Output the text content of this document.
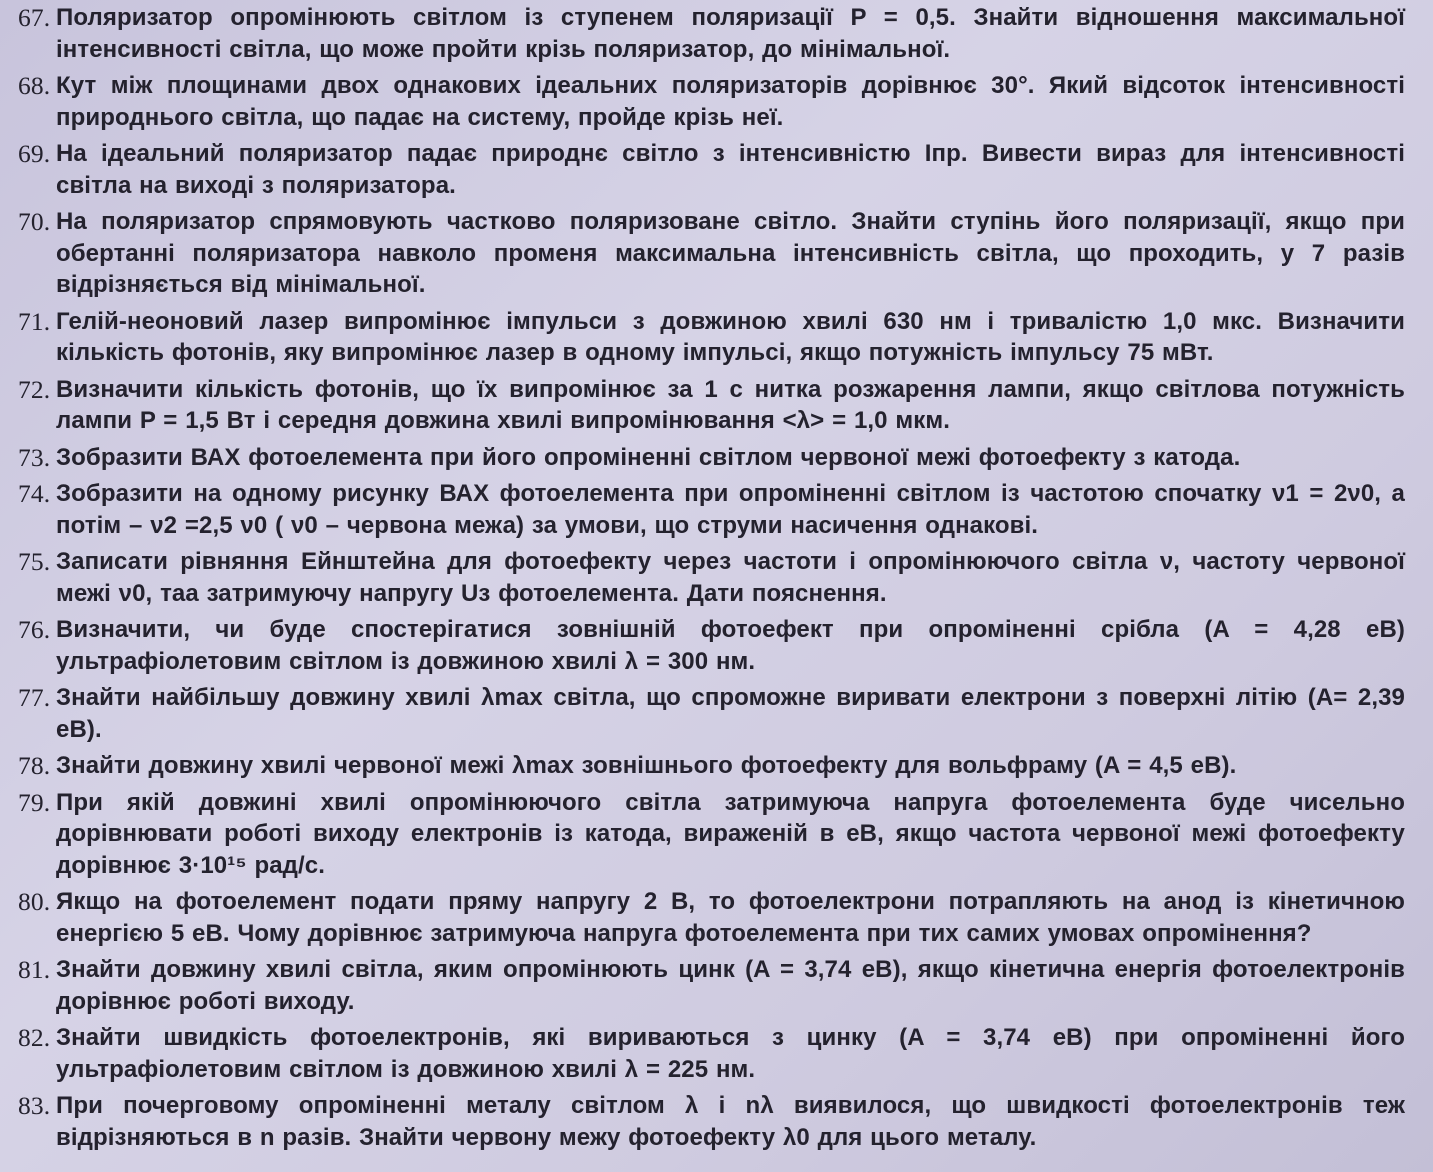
67. Поляризатор опромінюють світлом із ступенем поляризації P = 0,5. Знайти відношення максимальної інтенсивності світла, що може пройти крізь поляризатор, до мінімальної.
68. Кут між площинами двох однакових ідеальних поляризаторів дорівнює 30°. Який відсоток інтенсивності природнього світла, що падає на систему, пройде крізь неї.
69. На ідеальний поляризатор падає природнє світло з інтенсивністю Iпр. Вивести вираз для інтенсивності світла на виході з поляризатора.
70. На поляризатор спрямовують частково поляризоване світло. Знайти ступінь його поляризації, якщо при обертанні поляризатора навколо променя максимальна інтенсивність світла, що проходить, у 7 разів відрізняється від мінімальної.
71. Гелій-неоновий лазер випромінює імпульси з довжиною хвилі 630 нм і тривалістю 1,0 мкс. Визначити кількість фотонів, яку випромінює лазер в одному імпульсі, якщо потужність імпульсу 75 мВт.
72. Визначити кількість фотонів, що їх випромінює за 1 с нитка розжарення лампи, якщо світлова потужність лампи P = 1,5 Вт і середня довжина хвилі випромінювання <λ> = 1,0 мкм.
73. Зобразити ВАХ фотоелемента при його опроміненні світлом червоної межі фотоефекту з катода.
74. Зобразити на одному рисунку ВАХ фотоелемента при опроміненні світлом із частотою спочатку ν1 = 2ν0, а потім – ν2 =2,5 ν0 ( ν0 – червона межа) за умови, що струми насичення однакові.
75. Записати рівняння Ейнштейна для фотоефекту через частоти і опромінюючого світла ν, частоту червоної межі ν0, таа затримуючу напругу Uз фотоелемента. Дати пояснення.
76. Визначити, чи буде спостерігатися зовнішній фотоефект при опроміненні срібла (A = 4,28 eB) ультрафіолетовим світлом із довжиною хвилі λ = 300 нм.
77. Знайти найбільшу довжину хвилі λmax світла, що спроможне виривати електрони з поверхні літію (A= 2,39 eB).
78. Знайти довжину хвилі червоної межі λmax зовнішнього фотоефекту для вольфраму (A = 4,5 eB).
79. При якій довжині хвилі опромінюючого світла затримуюча напруга фотоелемента буде чисельно дорівнювати роботі виходу електронів із катода, вираженій в eB, якщо частота червоної межі фотоефекту дорівнює 3·10¹⁵ рад/с.
80. Якщо на фотоелемент подати пряму напругу 2 В, то фотоелектрони потрапляють на анод із кінетичною енергією 5 еВ. Чому дорівнює затримуюча напруга фотоелемента при тих самих умовах опромінення?
81. Знайти довжину хвилі світла, яким опромінюють цинк (A = 3,74 eB), якщо кінетична енергія фотоелектронів дорівнює роботі виходу.
82. Знайти швидкість фотоелектронів, які вириваються з цинку (A = 3,74 eB) при опроміненні його ультрафіолетовим світлом із довжиною хвилі λ = 225 нм.
83. При почерговому опроміненні металу світлом λ і nλ виявилося, що швидкості фотоелектронів теж відрізняються в n разів. Знайти червону межу фотоефекту λ0 для цього металу.
